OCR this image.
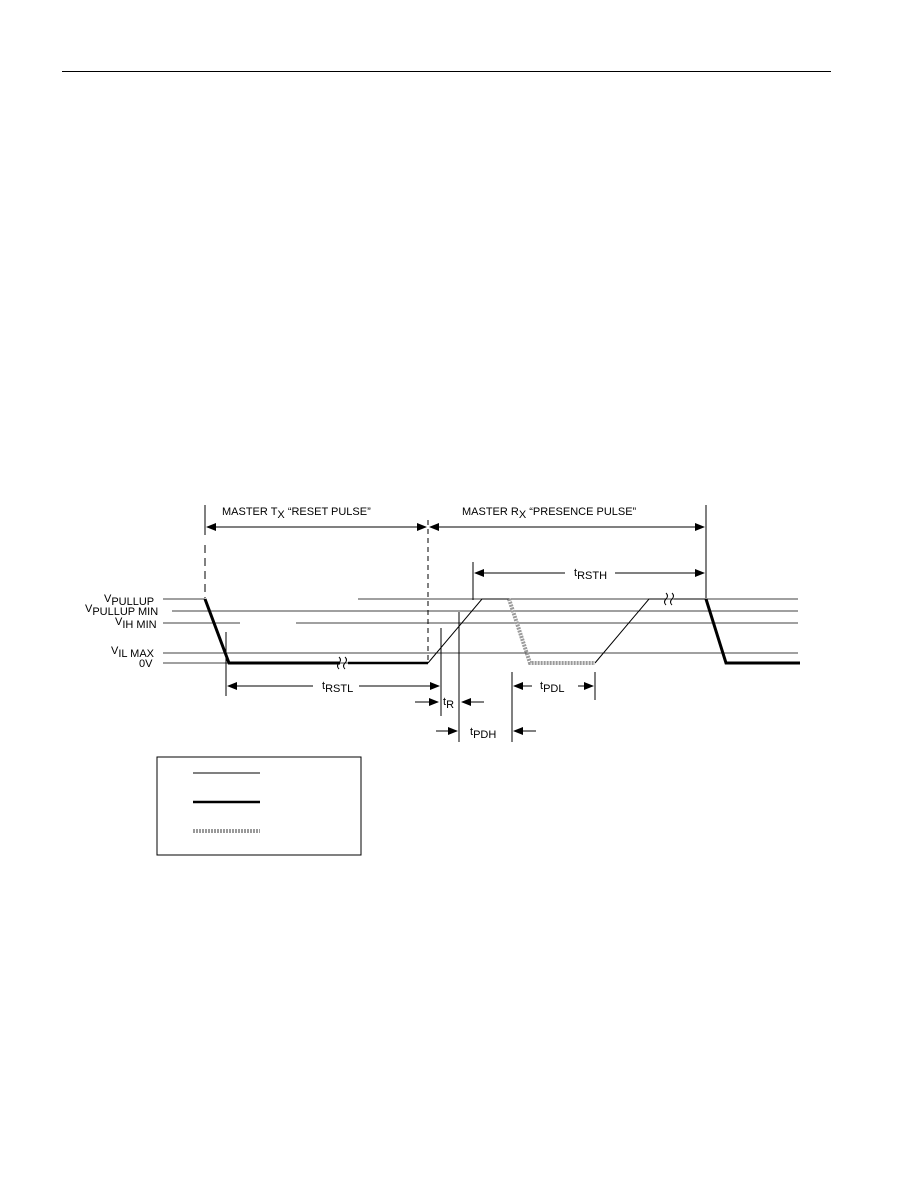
MASTER TX “RESET PULSE”	MASTER RX “PRESENCE PULSE”
tRSTH
VPULLUP
VPULLUP MIN
VIH MIN
VIL MAX
0V
tRSTL
tR
tPDL
tPDH
